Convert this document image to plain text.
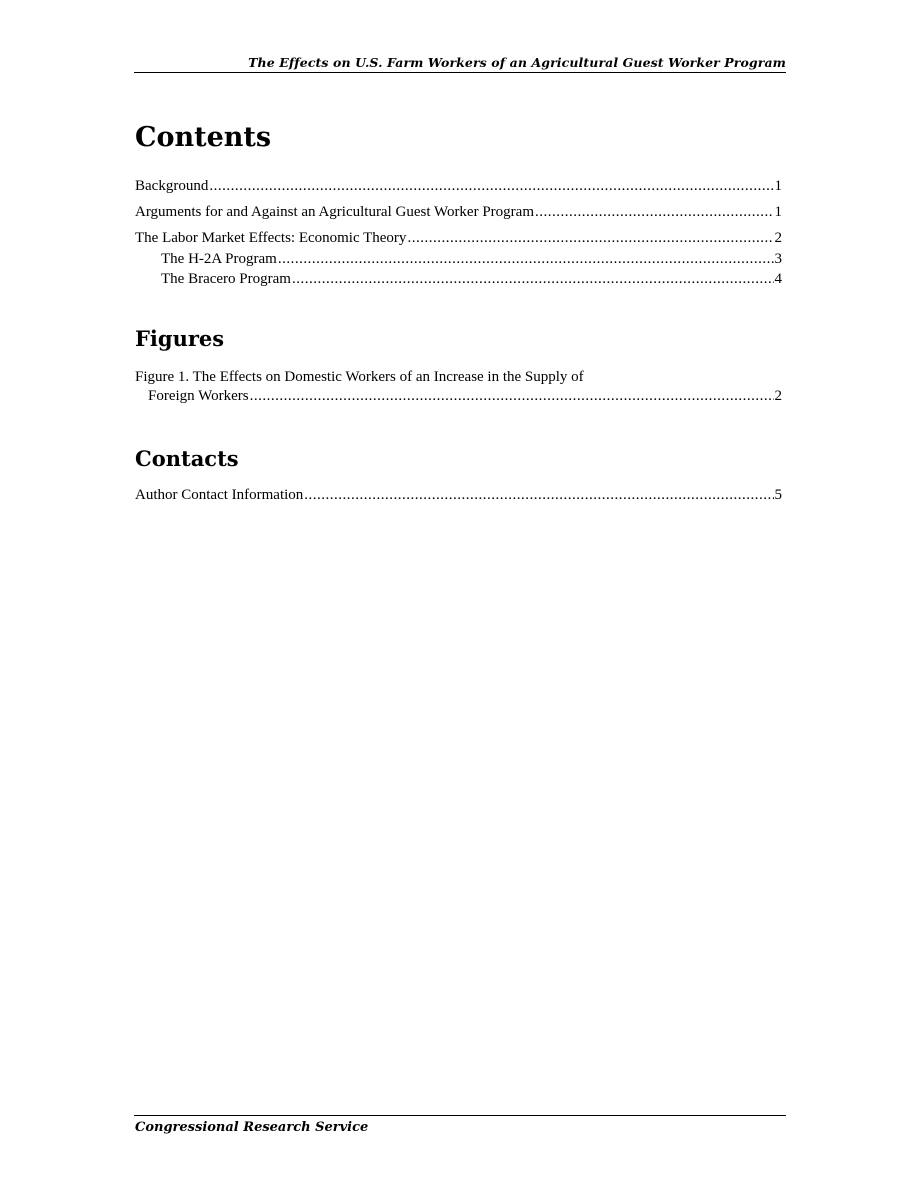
The Effects on U.S. Farm Workers of an Agricultural Guest Worker Program
Contents
Background .....	1
Arguments for and Against an Agricultural Guest Worker Program .....	1
The Labor Market Effects: Economic Theory .....	2
The H-2A Program .....	3
The Bracero Program .....	4
Figures
Figure 1. The Effects on Domestic Workers of an Increase in the Supply of
Foreign Workers .....	2
Contacts
Author Contact Information .....	5
Congressional Research Service
